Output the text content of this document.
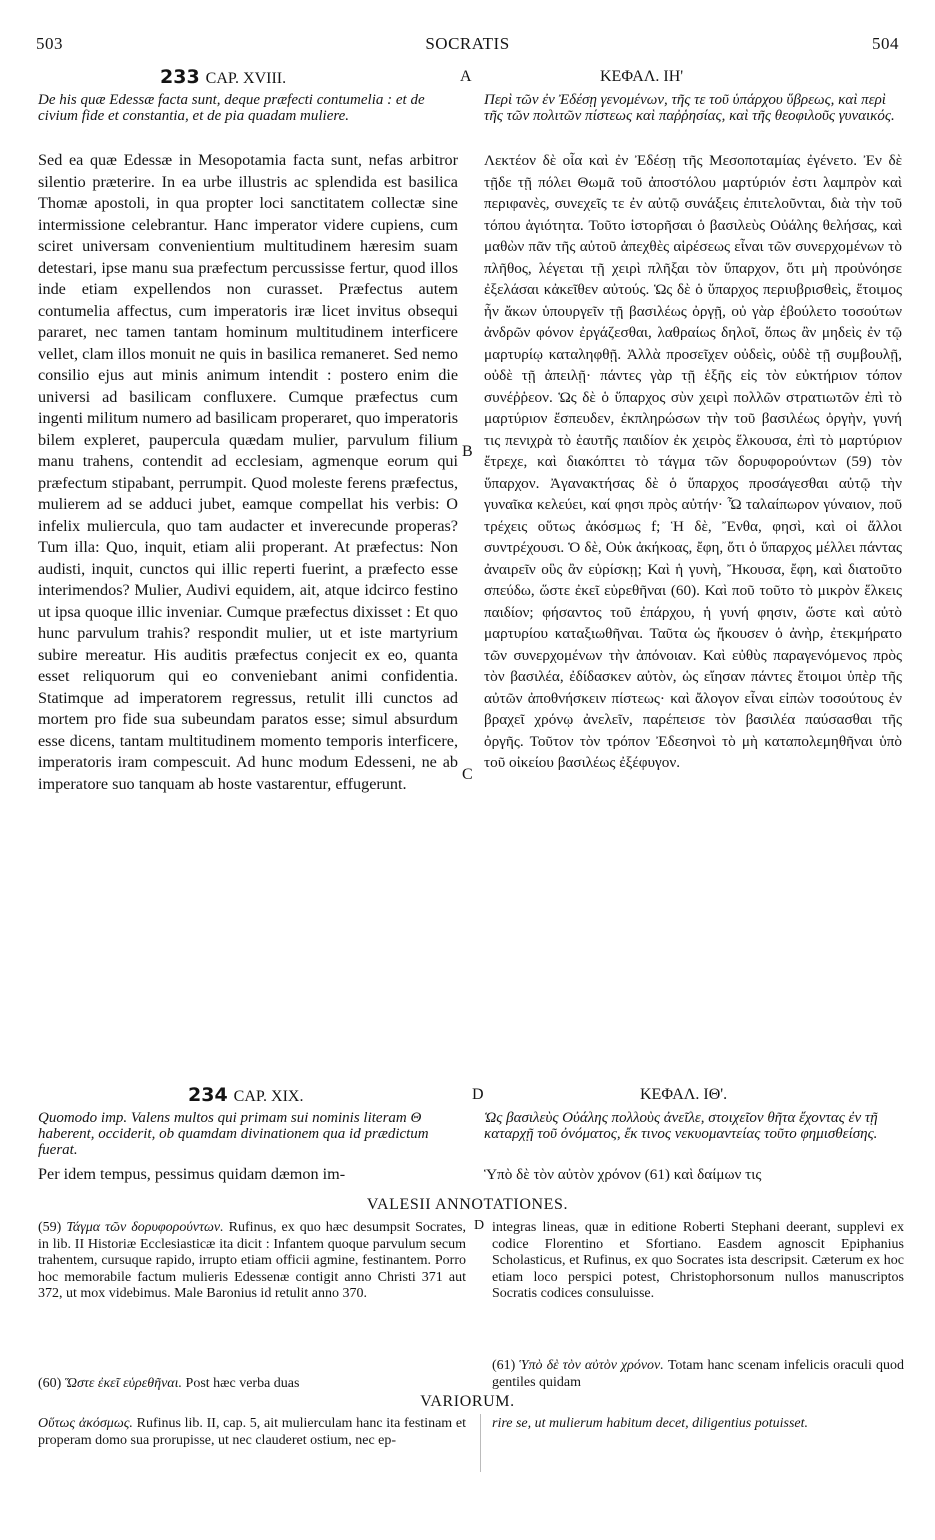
503	SOCRATIS	504
233 CAP. XVIII.	A	ΚΕΦΑΛ. ΙΗ'

De his quæ Edessæ facta sunt, deque præfecti contumelia : et de civium fide et constantia, et de pia quadam muliere.

Περὶ τῶν ἐν Ἐδέσῃ γενομένων, τῆς τε τοῦ ὑπάρχου ὕβρεως, καὶ περὶ τῆς τῶν πολιτῶν πίστεως καὶ παῤῥησίας, καὶ τῆς θεοφιλοῦς γυναικός.

Sed ea quæ Edessæ in Mesopotamia facta sunt, nefas arbitror silentio præterire. In ea urbe illustris ac splendida est basilica Thomæ apostoli, in qua propter loci sanctitatem collectæ sine intermissione celebrantur. Hanc imperator videre cupiens, cum sciret universam convenientium multitudinem hæresim suam detestari, ipse manu sua præfectum percussisse fertur, quod illos inde etiam expellendos non curasset. Præfectus autem contumelia affectus, cum imperatoris iræ licet invitus obsequi pararet, nec tamen tantam hominum multitudinem interficere vellet, clam illos monuit ne quis in basilica remaneret. Sed nemo consilio ejus aut minis animum intendit : postero enim die universi ad basilicam confluxere. Cumque præfectus cum ingenti militum numero ad basilicam properaret, quo imperatoris bilem expleret, paupercula quædam mulier, parvulum filium manu trahens, contendit ad ecclesiam, agmenque eorum qui præfectum stipabant, perrumpit. Quod moleste ferens præfectus, mulierem ad se adduci jubet, eamque compellat his verbis: O infelix muliercula, quo tam audacter et inverecunde properas? Tum illa: Quo, inquit, etiam alii properant. At præfectus: Non audisti, inquit, cunctos qui illic reperti fuerint, a præfecto esse interimendos? Mulier, Audivi equidem, ait, atque idcirco festino ut ipsa quoque illic inveniar. Cumque præfectus dixisset : Et quo hunc parvulum trahis? respondit mulier, ut et iste martyrium subire mereatur. His auditis præfectus conjecit ex eo, quanta esset reliquorum qui eo conveniebant animi confidentia. Statimque ad imperatorem regressus, retulit illi cunctos ad mortem pro fide sua subeundam paratos esse; simul absurdum esse dicens, tantam multitudinem momento temporis interficere, imperatoris iram compescuit. Ad hunc modum Edesseni, ne ab imperatore suo tanquam ab hoste vastarentur, effugerunt.

Λεκτέον δὲ οἷα καὶ ἐν Ἐδέσῃ τῆς Μεσοποταμίας ἐγένετο. Ἐν δὲ τῇδε τῇ πόλει Θωμᾶ τοῦ ἀποστόλου μαρτύριόν ἐστι λαμπρὸν καὶ περιφανὲς, συνεχεῖς τε ἐν αὐτῷ συνάξεις ἐπιτελοῦνται, διὰ τὴν τοῦ τόπου ἁγιότητα. Τοῦτο ἱστορῆσαι ὁ βασιλεὺς Οὐάλης θελήσας, καὶ μαθὼν πᾶν τῆς αὐτοῦ ἀπεχθὲς αἱρέσεως εἶναι τῶν συνερχομένων τὸ πλῆθος, λέγεται τῇ χειρὶ πλῆξαι τὸν ὕπαρχον, ὅτι μὴ προὐνόησε ἐξελάσαι κἀκεῖθεν αὐτούς. Ὡς δὲ ὁ ὕπαρχος περιυβρισθεὶς, ἕτοιμος ἦν ἄκων ὑπουργεῖν τῇ βασιλέως ὀργῇ, οὐ γὰρ ἐβούλετο τοσούτων ἀνδρῶν φόνον ἐργάζεσθαι, λαθραίως δηλοῖ, ὅπως ἂν μηδεὶς ἐν τῷ μαρτυρίῳ καταληφθῇ. Ἀλλὰ προσεῖχεν οὐδεὶς, οὐδὲ τῇ συμβουλῇ, οὐδὲ τῇ ἀπειλῇ· πάντες γὰρ τῇ ἑξῆς εἰς τὸν εὐκτήριον τόπον συνέῤῥεον. Ὡς δὲ ὁ ὕπαρχος σὺν χειρὶ πολλῶν στρατιωτῶν ἐπὶ τὸ μαρτύριον ἔσπευδεν, ἐκπληρώσων τὴν τοῦ βασιλέως ὀργὴν, γυνή τις πενιχρὰ τὸ ἑαυτῆς παιδίον ἐκ χειρὸς ἕλκουσα, ἐπὶ τὸ μαρτύριον ἔτρεχε, καὶ διακόπτει τὸ τάγμα τῶν δορυφορούντων (59) τὸν ὕπαρχον. Ἀγανακτήσας δὲ ὁ ὕπαρχος προσάγεσθαι αὐτῷ τὴν γυναῖκα κελεύει, καί φησι πρὸς αὐτήν· Ὦ ταλαίπωρον γύναιον, ποῦ τρέχεις οὕτως ἀκόσμως f; Ἡ δὲ, Ἔνθα, φησὶ, καὶ οἱ ἄλλοι συντρέχουσι. Ὁ δὲ, Οὐκ ἀκήκοας, ἔφη, ὅτι ὁ ὕπαρχος μέλλει πάντας ἀναιρεῖν οὓς ἂν εὑρίσκῃ; Καὶ ἡ γυνὴ, Ἤκουσα, ἔφη, καὶ διατοῦτο σπεύδω, ὥστε ἐκεῖ εὑρεθῆναι (60). Καὶ ποῦ τοῦτο τὸ μικρὸν ἕλκεις παιδίον; φήσαντος τοῦ ἐπάρχου, ἡ γυνή φησιν, ὥστε καὶ αὐτὸ μαρτυρίου καταξιωθῆναι. Ταῦτα ὡς ἤκουσεν ὁ ἀνὴρ, ἐτεκμήρατο τῶν συνερχομένων τὴν ἀπόνοιαν. Καὶ εὐθὺς παραγενόμενος πρὸς τὸν βασιλέα, ἐδίδασκεν αὐτὸν, ὡς εἴησαν πάντες ἕτοιμοι ὑπὲρ τῆς αὐτῶν ἀποθνήσκειν πίστεως· καὶ ἄλογον εἶναι εἰπὼν τοσούτους ἐν βραχεῖ χρόνῳ ἀνελεῖν, παρέπεισε τὸν βασιλέα παύσασθαι τῆς ὀργῆς. Τοῦτον τὸν τρόπον Ἐδεσηνοὶ τὸ μὴ καταπολεμηθῆναι ὑπὸ τοῦ οἰκείου βασιλέως ἐξέφυγον.

B
C
234 CAP. XIX.	D	ΚΕΦΑΛ. ΙΘ'.

Quomodo imp. Valens multos qui primam sui nominis literam Θ haberent, occiderit, ob quamdam divinationem qua id prædictum fuerat.

Ὡς βασιλεὺς Οὐάλης πολλοὺς ἀνεῖλε, στοιχεῖον θῆτα ἔχοντας ἐν τῇ καταρχῇ τοῦ ὀνόματος, ἔκ τινος νεκυομαντείας τοῦτο φημισθείσης.

Per idem tempus, pessimus quidam dæmon im-	Ὑπὸ δὲ τὸν αὐτὸν χρόνον (61) καὶ δαίμων τις

VALESII ANNOTATIONES.

(59) Τάγμα τῶν δορυφορούντων. Rufinus, ex quo hæc desumpsit Socrates, in lib. II Historiæ Ecclesiasticæ ita dicit : Infantem quoque parvulum secum trahentem, cursuque rapido, irrupto etiam officii agmine, festinantem. Porro hoc memorabile factum mulieris Edessenæ contigit anno Christi 371 aut 372, ut mox videbimus. Male Baronius id retulit anno 370.

(60) Ὥστε ἐκεῖ εὑρεθῆναι. Post hæc verba duas

D integras lineas, quæ in editione Roberti Stephani deerant, supplevi ex codice Florentino et Sfortiano. Easdem agnoscit Epiphanius Scholasticus, et Rufinus, ex quo Socrates ista descripsit. Cæterum ex hoc etiam loco perspici potest, Christophorsonum nullos manuscriptos Socratis codices consuluisse.

(61) Ὑπὸ δὲ τὸν αὐτὸν χρόνον. Totam hanc scenam infelicis oraculi quod gentiles quidam

VARIORUM.

Οὕτως ἀκόσμως. Rufinus lib. II, cap. 5, ait mulierculam hanc ita festinam et properam domo sua prorupisse, ut nec clauderet ostium, nec ep-

rire se, ut mulierum habitum decet, diligentius potuisset.
